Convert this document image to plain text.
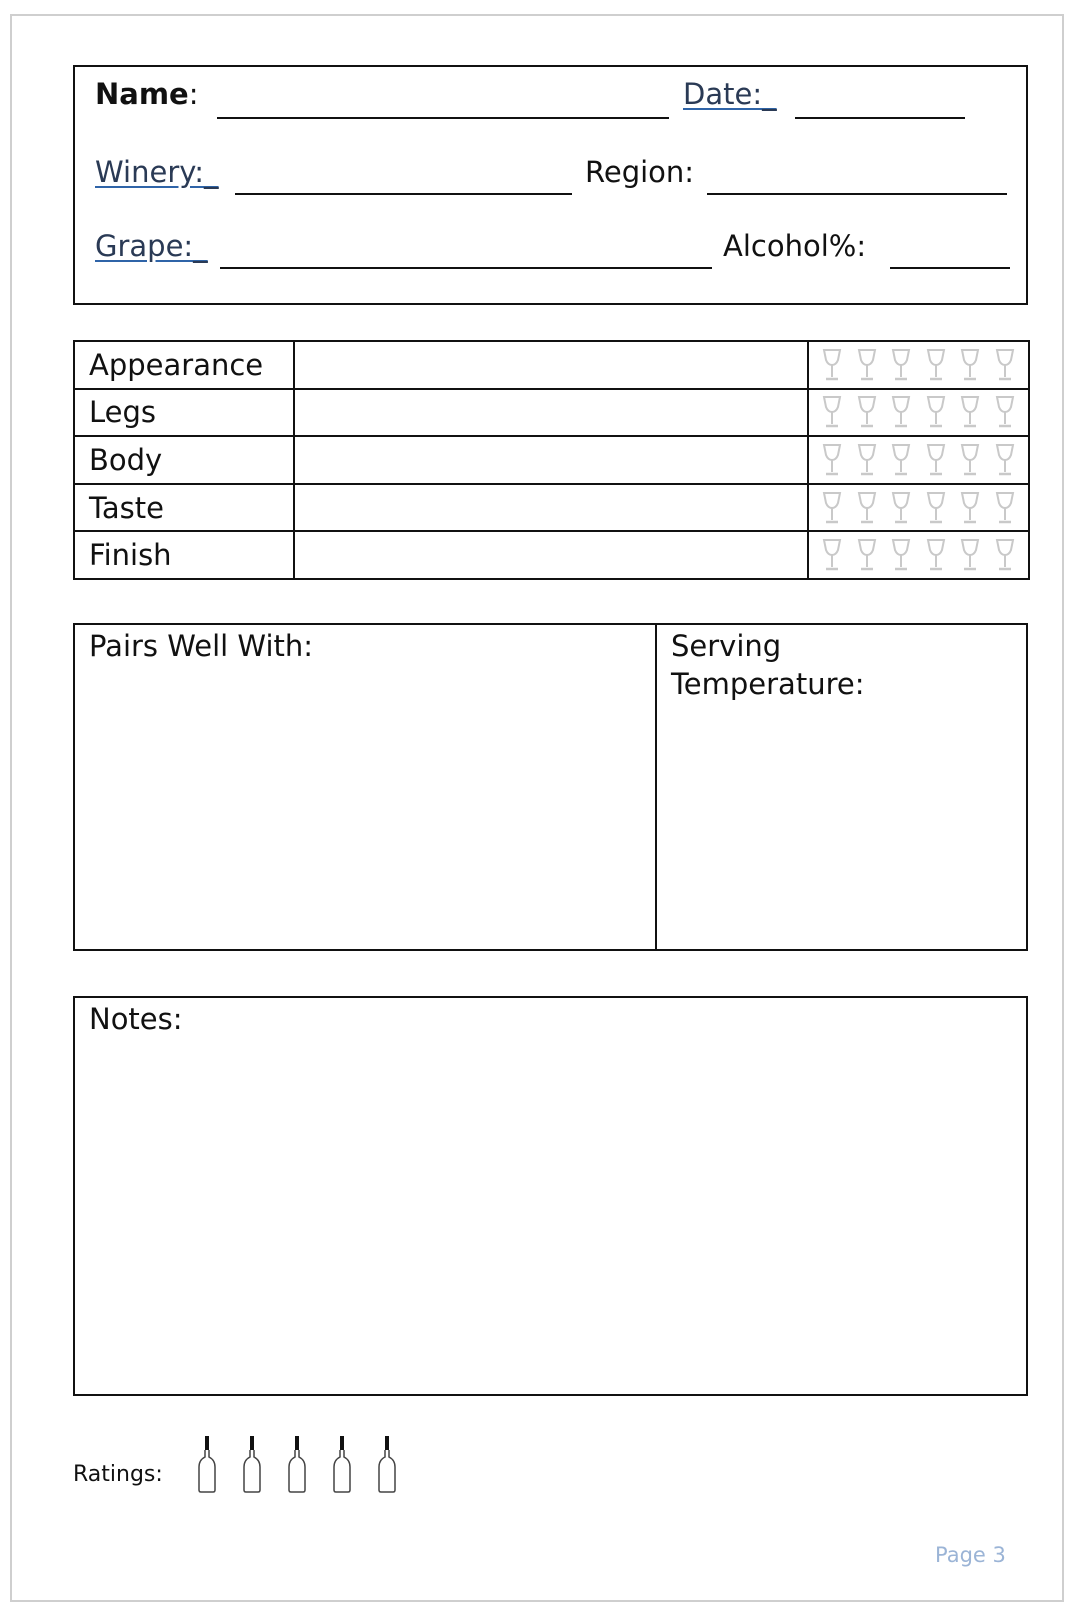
Name:	Date:_
Winery:_	Region:
Grape:_	Alcohol%:
Appearance		

Legs		

Body		

Taste		

Finish		
Pairs Well With:	Serving
Temperature:
Notes:
Ratings:
Page 3
